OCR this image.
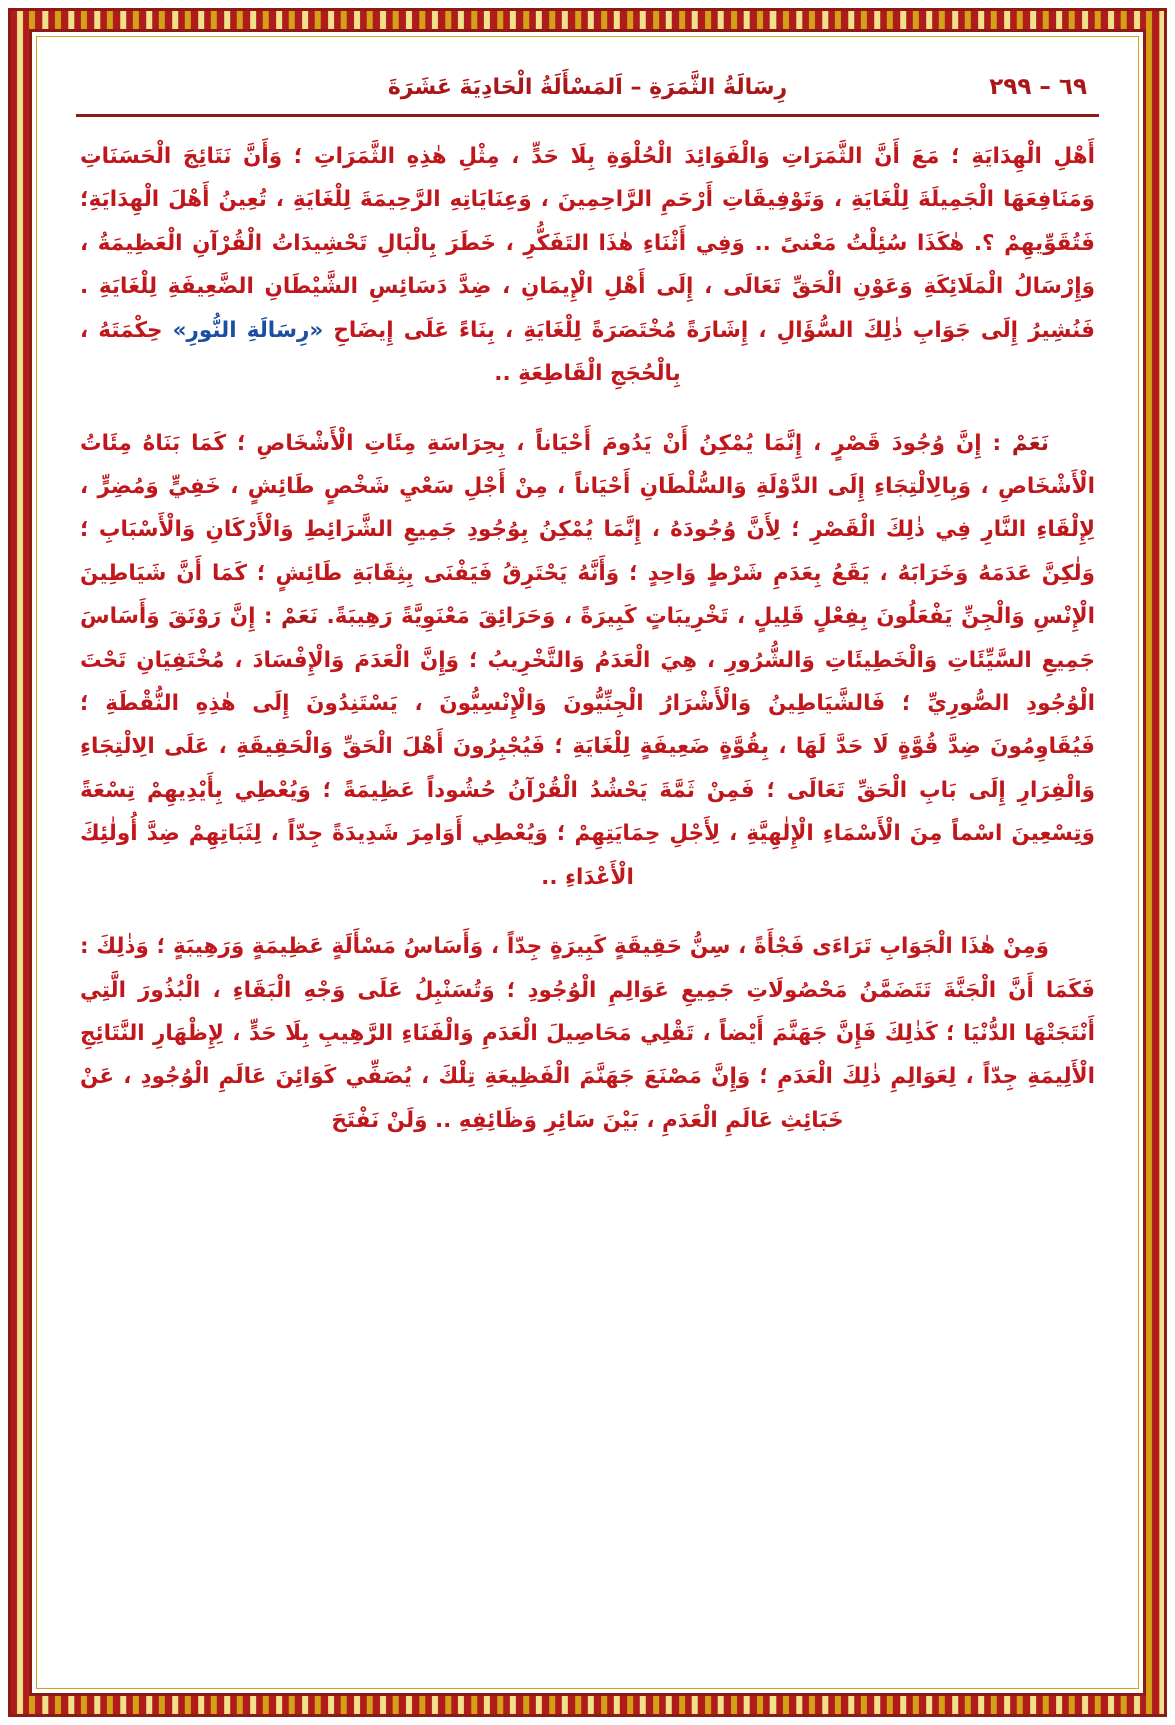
٦٩ – ٢٩٩
رِسَالَةُ الثَّمَرَةِ – اَلمَسْأَلَةُ الْحَادِيَةَ عَشَرَةَ

أَهْلِ الْهِدَايَةِ ؛ مَعَ أَنَّ الثَّمَرَاتِ وَالْفَوَائِدَ الْحُلْوَةِ بِلَا حَدٍّ ، مِثْلِ هٰذِهِ الثَّمَرَاتِ ؛ وَأَنَّ نَتَائِجَ الْحَسَنَاتِ وَمَنَافِعَهَا الْجَمِيلَةَ لِلْغَايَةِ ، وَتَوْفِيقَاتِ أَرْحَمِ الرَّاحِمِينَ ، وَعِنَايَاتِهِ الرَّحِيمَةَ لِلْغَايَةِ ، تُعِينُ أَهْلَ الْهِدَايَةِ؛ فَتُقَوِّيهِمْ ؟. هٰكَذَا سُئِلْتُ مَعْنىً .. وَفِي أَثْنَاءِ هٰذَا التَفَكُّرِ ، خَطَرَ بِالْبَالِ تَحْشِيدَاتُ الْقُرْآنِ الْعَظِيمَةُ ، وَإِرْسَالُ الْمَلَائِكَةِ وَعَوْنِ الْحَقِّ تَعَالَى ، إِلَى أَهْلِ الْإِيمَانِ ، ضِدَّ دَسَائِسِ الشَّيْطَانِ الضَّعِيفَةِ لِلْغَايَةِ . فَنُشِيرُ إِلَى جَوَابِ ذٰلِكَ السُّؤَالِ ، إِشَارَةً مُخْتَصَرَةً لِلْغَايَةِ ، بِنَاءً عَلَى إِيضَاحِ «رِسَالَةِ النُّورِ» حِكْمَتَهُ ، بِالْحُجَجِ الْقَاطِعَةِ ..

نَعَمْ : إِنَّ وُجُودَ قَصْرٍ ، إِنَّمَا يُمْكِنُ أَنْ يَدُومَ أَحْيَاناً ، بِحِرَاسَةِ مِئَاتِ الْأَشْخَاصِ ؛ كَمَا بَنَاهُ مِئَاتُ الْأَشْخَاصِ ، وَبِالِالْتِجَاءِ إِلَى الدَّوْلَةِ وَالسُّلْطَانِ أَحْيَاناً ، مِنْ أَجْلِ سَعْيِ شَخْصٍ طَائِشٍ ، خَفِيٍّ وَمُضِرٍّ ، لِإِلْقَاءِ النَّارِ فِي ذٰلِكَ الْقَصْرِ ؛ لِأَنَّ وُجُودَهُ ، إِنَّمَا يُمْكِنُ بِوُجُودِ جَمِيعِ الشَّرَائِطِ وَالْأَرْكَانِ وَالْأَسْبَابِ ؛ وَلٰكِنَّ عَدَمَهُ وَخَرَابَهُ ، يَقَعُ بِعَدَمِ شَرْطٍ وَاحِدٍ ؛ وَأَنَّهُ يَحْتَرِقُ فَيَفْنَى بِثِقَابَةِ طَائِشٍ ؛ كَمَا أَنَّ شَيَاطِينَ الْإِنْسِ وَالْجِنِّ يَفْعَلُونَ بِفِعْلٍ قَلِيلٍ ، تَخْرِيبَاتٍ كَبِيرَةً ، وَحَرَائِقَ مَعْنَوِيَّةً رَهِيبَةً. نَعَمْ : إِنَّ رَوْنَقَ وَأَسَاسَ جَمِيعِ السَّيِّئَاتِ وَالْخَطِيئَاتِ وَالشُّرُورِ ، هِيَ الْعَدَمُ وَالتَّخْرِيبُ ؛ وَإِنَّ الْعَدَمَ وَالْإِفْسَادَ ، مُخْتَفِيَانِ تَحْتَ الْوُجُودِ الصُّورِيِّ ؛ فَالشَّيَاطِينُ وَالْأَشْرَارُ الْجِنِّيُّونَ وَالْإِنْسِيُّونَ ، يَسْتَنِدُونَ إِلَى هٰذِهِ النُّقْطَةِ ؛ فَيُقَاوِمُونَ ضِدَّ قُوَّةٍ لَا حَدَّ لَهَا ، بِقُوَّةٍ ضَعِيفَةٍ لِلْغَايَةِ ؛ فَيُجْبِرُونَ أَهْلَ الْحَقِّ وَالْحَقِيقَةِ ، عَلَى الِالْتِجَاءِ وَالْفِرَارِ إِلَى بَابِ الْحَقِّ تَعَالَى ؛ فَمِنْ ثَمَّةَ يَحْشُدُ الْقُرْآنُ حُشُوداً عَظِيمَةً ؛ وَيُعْطِي بِأَيْدِيهِمْ تِسْعَةً وَتِسْعِينَ اسْماً مِنَ الْأَسْمَاءِ الْإِلٰهِيَّةِ ، لِأَجْلِ حِمَايَتِهِمْ ؛ وَيُعْطِي أَوَامِرَ شَدِيدَةً جِدّاً ، لِثَبَاتِهِمْ ضِدَّ أُولٰئِكَ الْأَعْدَاءِ ..

وَمِنْ هٰذَا الْجَوَابِ تَرَاءَى فَجْأَةً ، سِنُّ حَقِيقَةٍ كَبِيرَةٍ جِدّاً ، وَأَسَاسُ مَسْأَلَةٍ عَظِيمَةٍ وَرَهِيبَةٍ ؛ وَذٰلِكَ : فَكَمَا أَنَّ الْجَنَّةَ تَتَضَمَّنُ مَحْصُولَاتِ جَمِيعِ عَوَالِمِ الْوُجُودِ ؛ وَتُسَنْبِلُ عَلَى وَجْهِ الْبَقَاءِ ، الْبُذُورَ الَّتِي أَنْتَجَتْهَا الدُّنْيَا ؛ كَذٰلِكَ فَإِنَّ جَهَنَّمَ أَيْضاً ، تَقْلِي مَحَاصِيلَ الْعَدَمِ وَالْفَنَاءِ الرَّهِيبِ بِلَا حَدٍّ ، لِإِظْهَارِ النَّتَائِجِ الْأَلِيمَةِ جِدّاً ، لِعَوَالِمِ ذٰلِكَ الْعَدَمِ ؛ وَإِنَّ مَصْنَعَ جَهَنَّمَ الْفَظِيعَةِ تِلْكَ ، يُصَفِّي كَوَائِنَ عَالَمِ الْوُجُودِ ، عَنْ خَبَائِثِ عَالَمِ الْعَدَمِ ، بَيْنَ سَائِرِ وَظَائِفِهِ .. وَلَنْ نَفْتَحَ
